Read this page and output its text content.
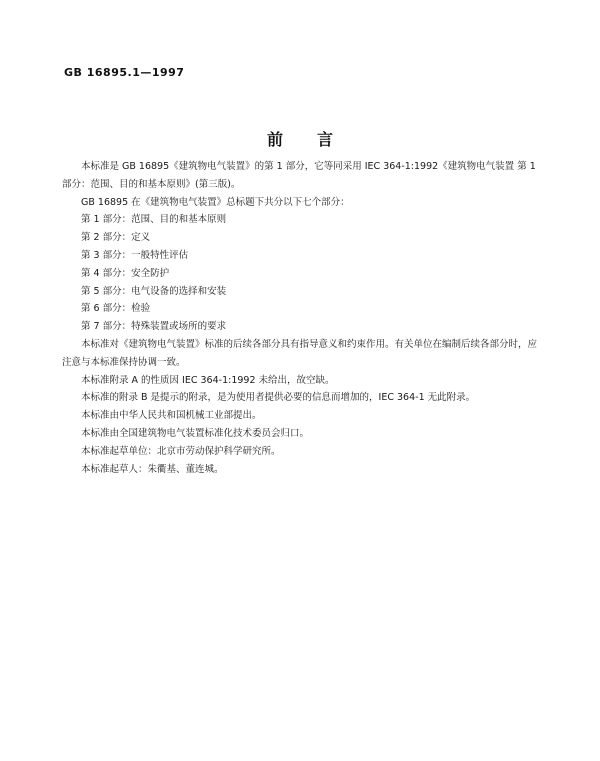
GB 16895.1—1997
前言

本标准是 GB 16895《建筑物电气装置》的第 1 部分，它等同采用 IEC 364-1:1992《建筑物电气装置 第 1 部分：范围、目的和基本原则》(第三版)。

GB 16895 在《建筑物电气装置》总标题下共分以下七个部分：

第 1 部分：范围、目的和基本原则

第 2 部分：定义

第 3 部分：一般特性评估

第 4 部分：安全防护

第 5 部分：电气设备的选择和安装

第 6 部分：检验

第 7 部分：特殊装置或场所的要求

本标准对《建筑物电气装置》标准的后续各部分具有指导意义和约束作用。有关单位在编制后续各部分时，应注意与本标准保持协调一致。

本标准附录 A 的性质因 IEC 364-1:1992 未给出，故空缺。

本标准的附录 B 是提示的附录，是为使用者提供必要的信息而增加的，IEC 364-1 无此附录。

本标准由中华人民共和国机械工业部提出。

本标准由全国建筑物电气装置标准化技术委员会归口。

本标准起草单位：北京市劳动保护科学研究所。

本标准起草人：朱衢基、董连城。
